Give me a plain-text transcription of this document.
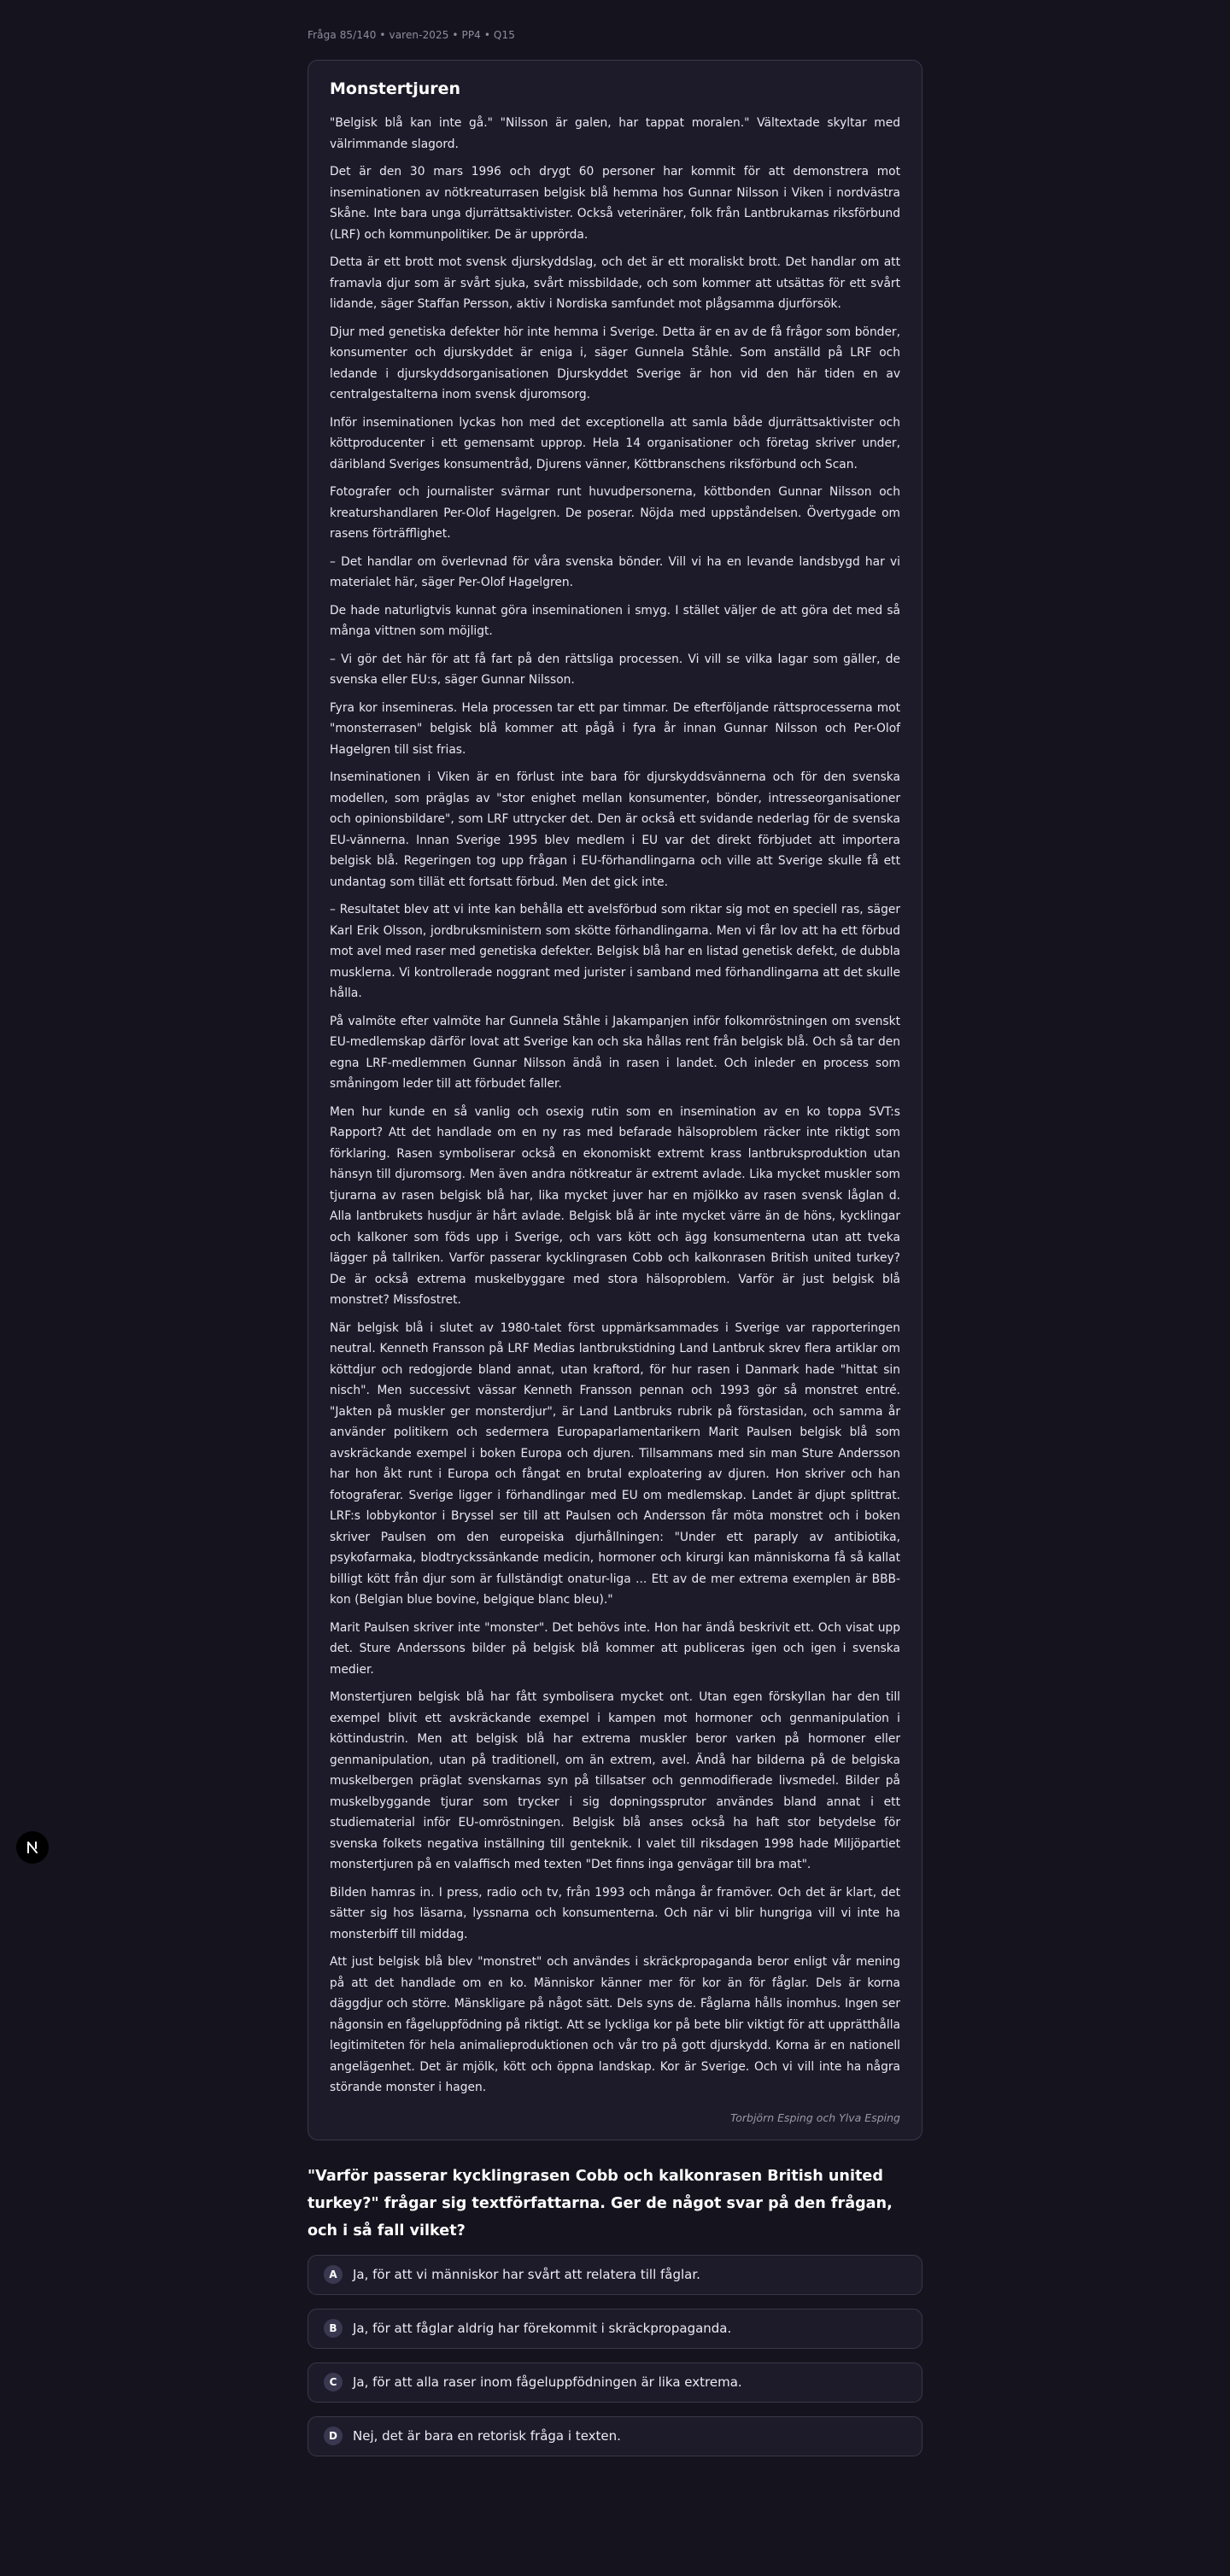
Fråga 85/140 • varen-2025 • PP4 • Q15
Monstertjuren

"Belgisk blå kan inte gå." "Nilsson är galen, har tappat moralen." Vältextade skyltar med välrimmande slagord.

Det är den 30 mars 1996 och drygt 60 personer har kommit för att demonstrera mot inseminationen av nötkreaturrasen belgisk blå hemma hos Gunnar Nilsson i Viken i nordvästra Skåne. Inte bara unga djurrättsaktivister. Också veterinärer, folk från Lantbrukarnas riksförbund (LRF) och kommunpolitiker. De är upprörda.

Detta är ett brott mot svensk djurskyddslag, och det är ett moraliskt brott. Det handlar om att framavla djur som är svårt sjuka, svårt missbildade, och som kommer att utsättas för ett svårt lidande, säger Staffan Persson, aktiv i Nordiska samfundet mot plågsamma djurförsök.

Djur med genetiska defekter hör inte hemma i Sverige. Detta är en av de få frågor som bönder, konsumenter och djurskyddet är eniga i, säger Gunnela Ståhle. Som anställd på LRF och ledande i djurskyddsorganisationen Djurskyddet Sverige är hon vid den här tiden en av centralgestalterna inom svensk djuromsorg.

Inför inseminationen lyckas hon med det exceptionella att samla både djurrättsaktivister och köttproducenter i ett gemensamt upprop. Hela 14 organisationer och företag skriver under, däribland Sveriges konsumentråd, Djurens vänner, Köttbranschens riksförbund och Scan.

Fotografer och journalister svärmar runt huvudpersonerna, köttbonden Gunnar Nilsson och kreaturshandlaren Per-Olof Hagelgren. De poserar. Nöjda med uppståndelsen. Övertygade om rasens förträfflighet.

– Det handlar om överlevnad för våra svenska bönder. Vill vi ha en levande landsbygd har vi materialet här, säger Per-Olof Hagelgren.

De hade naturligtvis kunnat göra inseminationen i smyg. I stället väljer de att göra det med så många vittnen som möjligt.

– Vi gör det här för att få fart på den rättsliga processen. Vi vill se vilka lagar som gäller, de svenska eller EU:s, säger Gunnar Nilsson.

Fyra kor insemineras. Hela processen tar ett par timmar. De efterföljande rättsprocesserna mot "monsterrasen" belgisk blå kommer att pågå i fyra år innan Gunnar Nilsson och Per-Olof Hagelgren till sist frias.

Inseminationen i Viken är en förlust inte bara för djurskyddsvännerna och för den svenska modellen, som präglas av "stor enighet mellan konsumenter, bönder, intresseorganisationer och opinionsbildare", som LRF uttrycker det. Den är också ett svidande nederlag för de svenska EU-vännerna. Innan Sverige 1995 blev medlem i EU var det direkt förbjudet att importera belgisk blå. Regeringen tog upp frågan i EU-förhandlingarna och ville att Sverige skulle få ett undantag som tillät ett fortsatt förbud. Men det gick inte.

– Resultatet blev att vi inte kan behålla ett avelsförbud som riktar sig mot en speciell ras, säger Karl Erik Olsson, jordbruksministern som skötte förhandlingarna. Men vi får lov att ha ett förbud mot avel med raser med genetiska defekter. Belgisk blå har en listad genetisk defekt, de dubbla musklerna. Vi kontrollerade noggrant med jurister i samband med förhandlingarna att det skulle hålla.

På valmöte efter valmöte har Gunnela Ståhle i Jakampanjen inför folkomröstningen om svenskt EU-medlemskap därför lovat att Sverige kan och ska hållas rent från belgisk blå. Och så tar den egna LRF-medlemmen Gunnar Nilsson ändå in rasen i landet. Och inleder en process som småningom leder till att förbudet faller.

Men hur kunde en så vanlig och osexig rutin som en insemination av en ko toppa SVT:s Rapport? Att det handlade om en ny ras med befarade hälsoproblem räcker inte riktigt som förklaring. Rasen symboliserar också en ekonomiskt extremt krass lantbruksproduktion utan hänsyn till djuromsorg. Men även andra nötkreatur är extremt avlade. Lika mycket muskler som tjurarna av rasen belgisk blå har, lika mycket juver har en mjölkko av rasen svensk låglan d. Alla lantbrukets husdjur är hårt avlade. Belgisk blå är inte mycket värre än de höns, kycklingar och kalkoner som föds upp i Sverige, och vars kött och ägg konsumenterna utan att tveka lägger på tallriken. Varför passerar kycklingrasen Cobb och kalkonrasen British united turkey? De är också extrema muskelbyggare med stora hälsoproblem. Varför är just belgisk blå monstret? Missfostret.

När belgisk blå i slutet av 1980-talet först uppmärksammades i Sverige var rapporteringen neutral. Kenneth Fransson på LRF Medias lantbrukstidning Land Lantbruk skrev flera artiklar om köttdjur och redogjorde bland annat, utan kraftord, för hur rasen i Danmark hade "hittat sin nisch". Men successivt vässar Kenneth Fransson pennan och 1993 gör så monstret entré. "Jakten på muskler ger monsterdjur", är Land Lantbruks rubrik på förstasidan, och samma år använder politikern och sedermera Europaparlamentarikern Marit Paulsen belgisk blå som avskräckande exempel i boken Europa och djuren. Tillsammans med sin man Sture Andersson har hon åkt runt i Europa och fångat en brutal exploatering av djuren. Hon skriver och han fotograferar. Sverige ligger i förhandlingar med EU om medlemskap. Landet är djupt splittrat. LRF:s lobbykontor i Bryssel ser till att Paulsen och Andersson får möta monstret och i boken skriver Paulsen om den europeiska djurhållningen: "Under ett paraply av antibiotika, psykofarmaka, blodtryckssänkande medicin, hormoner och kirurgi kan människorna få så kallat billigt kött från djur som är fullständigt onatur-liga ... Ett av de mer extrema exemplen är BBB-kon (Belgian blue bovine, belgique blanc bleu)."

Marit Paulsen skriver inte "monster". Det behövs inte. Hon har ändå beskrivit ett. Och visat upp det. Sture Anderssons bilder på belgisk blå kommer att publiceras igen och igen i svenska medier.

Monstertjuren belgisk blå har fått symbolisera mycket ont. Utan egen förskyllan har den till exempel blivit ett avskräckande exempel i kampen mot hormoner och genmanipulation i köttindustrin. Men att belgisk blå har extrema muskler beror varken på hormoner eller genmanipulation, utan på traditionell, om än extrem, avel. Ändå har bilderna på de belgiska muskelbergen präglat svenskarnas syn på tillsatser och genmodifierade livsmedel. Bilder på muskelbyggande tjurar som trycker i sig dopningssprutor användes bland annat i ett studiematerial inför EU-omröstningen. Belgisk blå anses också ha haft stor betydelse för svenska folkets negativa inställning till genteknik. I valet till riksdagen 1998 hade Miljöpartiet monstertjuren på en valaffisch med texten "Det finns inga genvägar till bra mat".

Bilden hamras in. I press, radio och tv, från 1993 och många år framöver. Och det är klart, det sätter sig hos läsarna, lyssnarna och konsumenterna. Och när vi blir hungriga vill vi inte ha monsterbiff till middag.

Att just belgisk blå blev "monstret" och användes i skräckpropaganda beror enligt vår mening på att det handlade om en ko. Människor känner mer för kor än för fåglar. Dels är korna däggdjur och större. Mänskligare på något sätt. Dels syns de. Fåglarna hålls inomhus. Ingen ser någonsin en fågeluppfödning på riktigt. Att se lyckliga kor på bete blir viktigt för att upprätthålla legitimiteten för hela animalieproduktionen och vår tro på gott djurskydd. Korna är en nationell angelägenhet. Det är mjölk, kött och öppna landskap. Kor är Sverige. Och vi vill inte ha några störande monster i hagen.

Torbjörn Esping och Ylva Esping
"Varför passerar kycklingrasen Cobb och kalkonrasen British united turkey?" frågar sig textförfattarna. Ger de något svar på den frågan, och i så fall vilket?
A	Ja, för att vi människor har svårt att relatera till fåglar.
B	Ja, för att fåglar aldrig har förekommit i skräckpropaganda.
C	Ja, för att alla raser inom fågeluppfödningen är lika extrema.
D	Nej, det är bara en retorisk fråga i texten.
